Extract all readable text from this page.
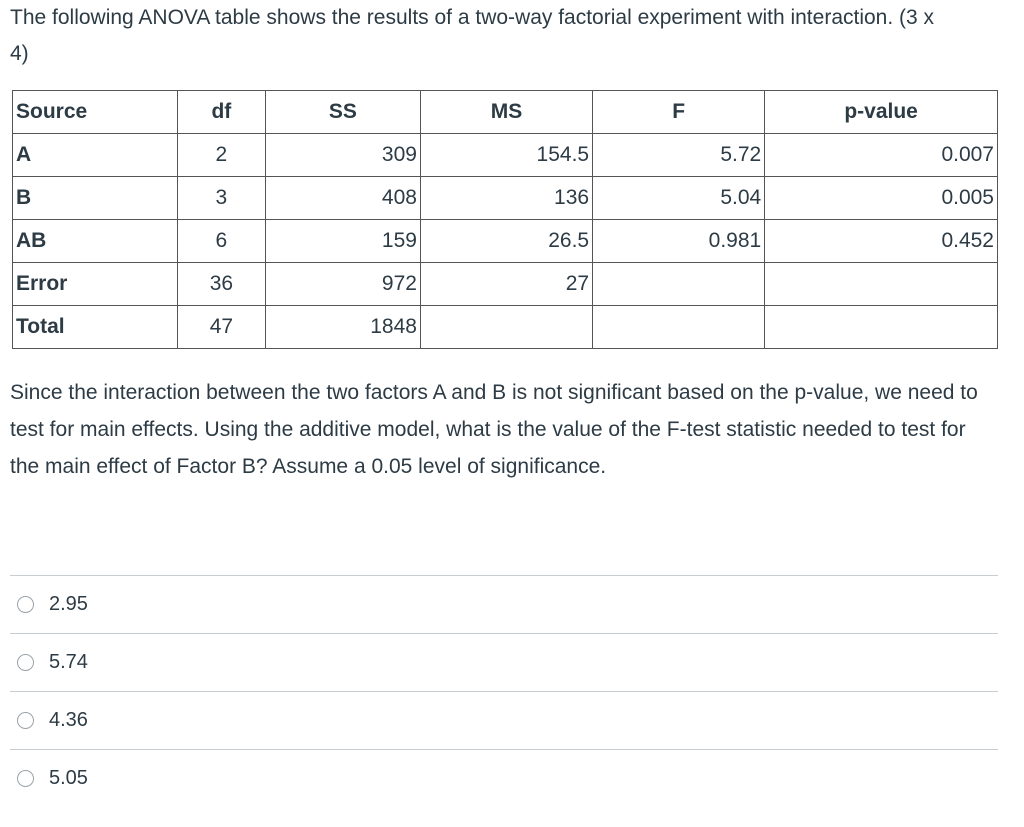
The following ANOVA table shows the results of a two-way factorial experiment with interaction. (3 x 4)

Source	df	SS	MS	F	p-value
A	2	309	154.5	5.72	0.007
B	3	408	136	5.04	0.005
AB	6	159	26.5	0.981	0.452
Error	36	972	27		
Total	47	1848			

Since the interaction between the two factors A and B is not significant based on the p-value, we need to test for main effects. Using the additive model, what is the value of the F-test statistic needed to test for the main effect of Factor B? Assume a 0.05 level of significance.

2.95
5.74
4.36
5.05
